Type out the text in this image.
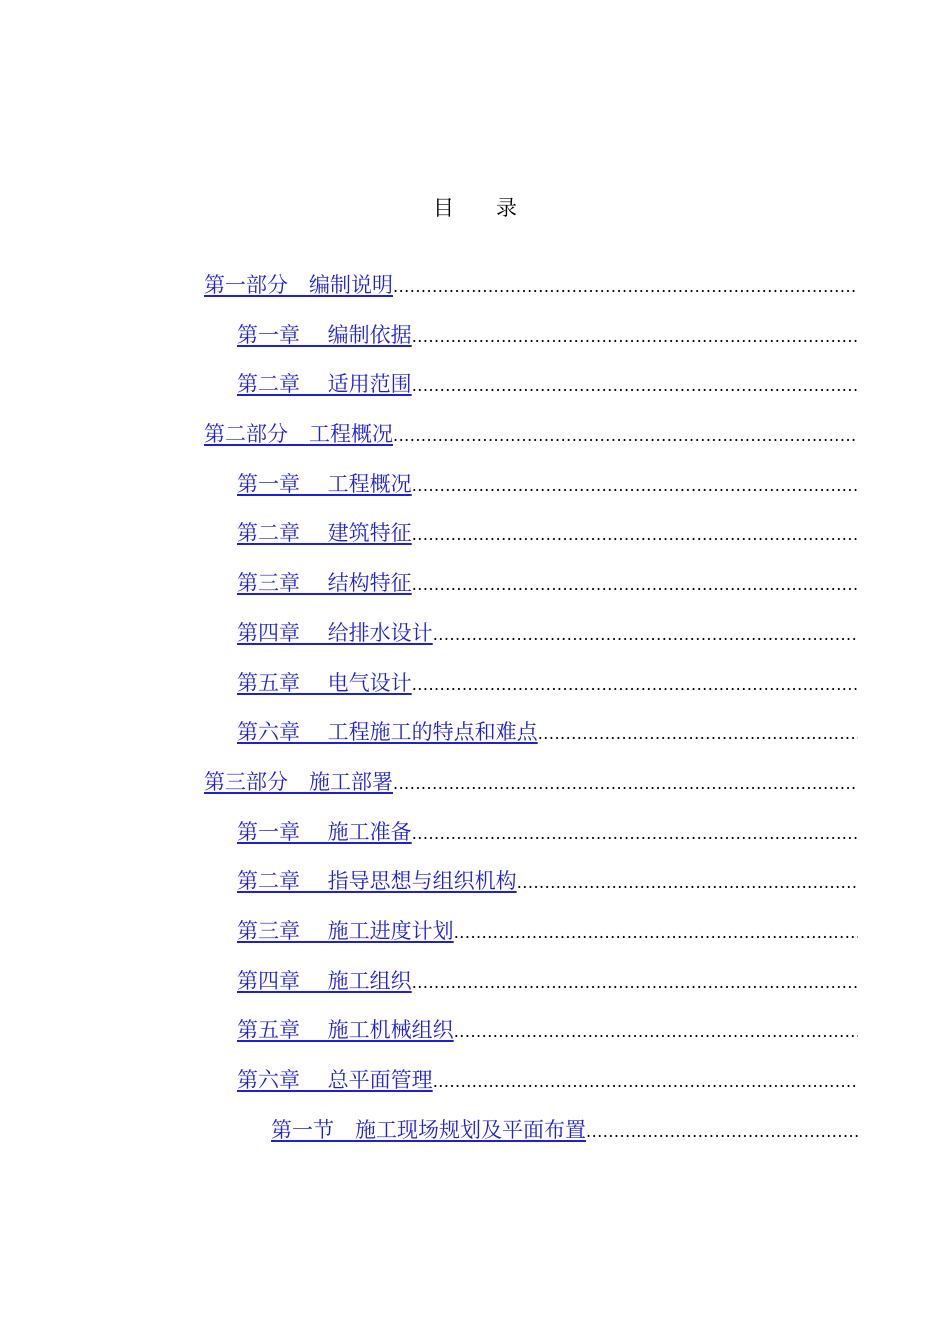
目　　录
第一部分　编制说明
.....
第一章　 编制依据
.....
第二章　 适用范围
.....
第二部分　工程概况
.....
第一章　 工程概况
.....
第二章　 建筑特征
.....
第三章　 结构特征
.....
第四章　 给排水设计
.....
第五章　 电气设计
.....
第六章　 工程施工的特点和难点
.....
第三部分　施工部署
.....
第一章　 施工准备
.....
第二章　 指导思想与组织机构
.....
第三章　 施工进度计划
.....
第四章　 施工组织
.....
第五章　 施工机械组织
.....
第六章　 总平面管理
.....
第一节　施工现场规划及平面布置
.....
